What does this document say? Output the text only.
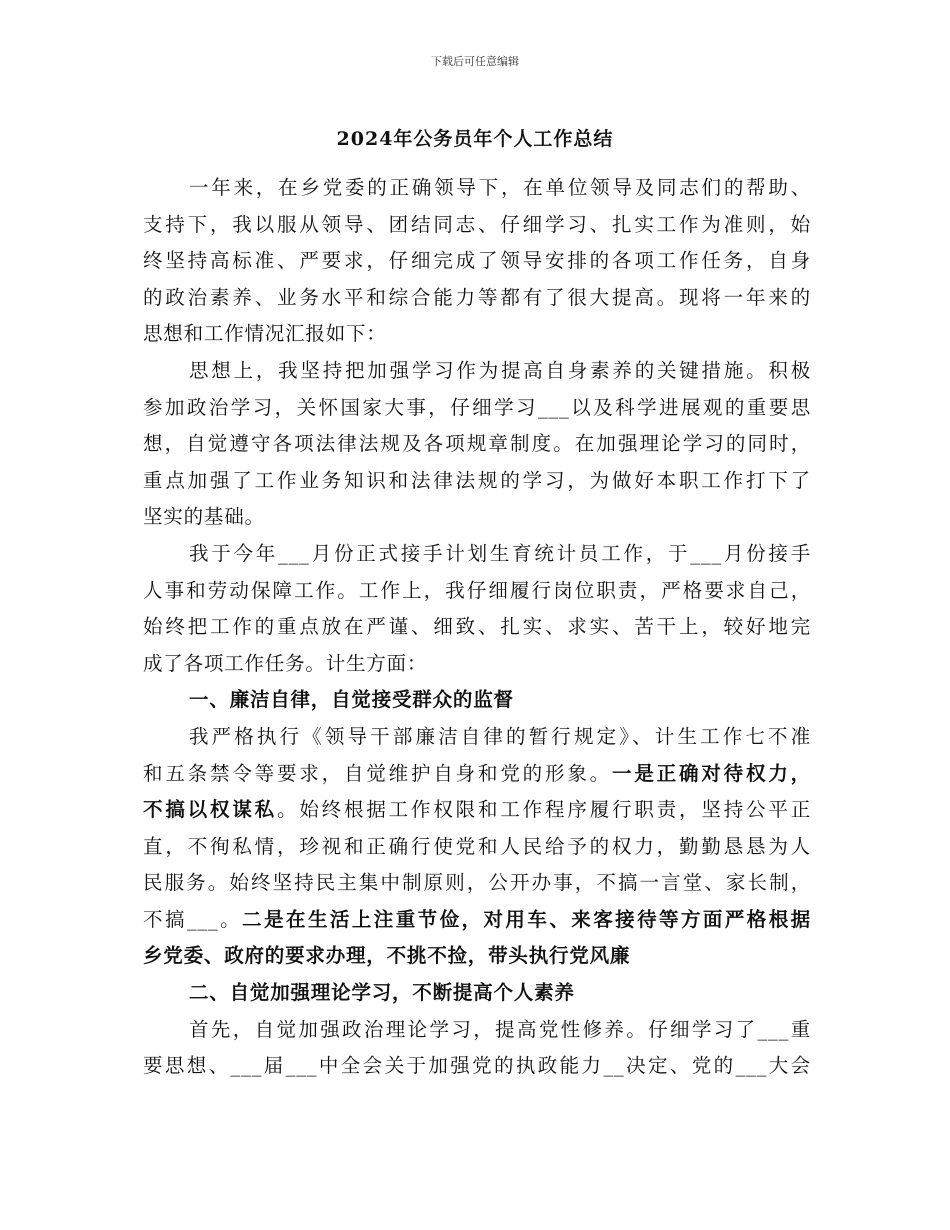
下载后可任意编辑
2024年公务员年个人工作总结
一年来，在乡党委的正确领导下，在单位领导及同志们的帮助、
支持下，我以服从领导、团结同志、仔细学习、扎实工作为准则，始
终坚持高标准、严要求，仔细完成了领导安排的各项工作任务，自身
的政治素养、业务水平和综合能力等都有了很大提高。现将一年来的
思想和工作情况汇报如下：
思想上，我坚持把加强学习作为提高自身素养的关键措施。积极
参加政治学习，关怀国家大事，仔细学习___以及科学进展观的重要思
想，自觉遵守各项法律法规及各项规章制度。在加强理论学习的同时，
重点加强了工作业务知识和法律法规的学习，为做好本职工作打下了
坚实的基础。
我于今年___月份正式接手计划生育统计员工作，于___月份接手
人事和劳动保障工作。工作上，我仔细履行岗位职责，严格要求自己，
始终把工作的重点放在严谨、细致、扎实、求实、苦干上，较好地完
成了各项工作任务。计生方面：
一、廉洁自律，自觉接受群众的监督
我严格执行《领导干部廉洁自律的暂行规定》、计生工作七不准
和五条禁令等要求，自觉维护自身和党的形象。一是正确对待权力，
不搞以权谋私。始终根据工作权限和工作程序履行职责，坚持公平正
直，不徇私情，珍视和正确行使党和人民给予的权力，勤勤恳恳为人
民服务。始终坚持民主集中制原则，公开办事，不搞一言堂、家长制，
不搞___。二是在生活上注重节俭，对用车、来客接待等方面严格根据
乡党委、政府的要求办理，不挑不捡，带头执行党风廉
二、自觉加强理论学习，不断提高个人素养
首先，自觉加强政治理论学习，提高党性修养。仔细学习了___重
要思想、___届___中全会关于加强党的执政能力__决定、党的___大会
